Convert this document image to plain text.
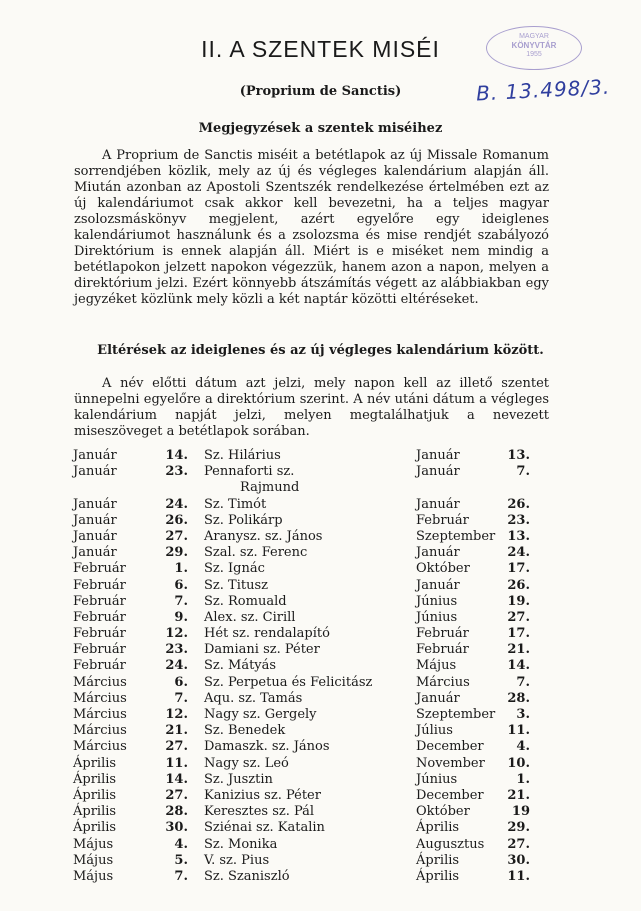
II. A SZENTEK MISÉI
(Proprium de Sanctis)
MAGYAR
KÖNYVTÁR
1955
B. 13.498/3.
Megjegyzések a szentek miséihez

A Proprium de Sanctis miséit a betétlapok az új Missale Romanum sorrendjében közlik, mely az új és végleges kalendárium alapján áll. Miután azonban az Apostoli Szentszék rendelkezése értelmében ezt az új kalendáriumot csak akkor kell bevezetni, ha a teljes magyar zsolozsmáskönyv megjelent, azért egyelőre egy ideiglenes kalendáriumot használunk és a zsolozsma és mise rendjét szabályozó Direktórium is ennek alapján áll. Miért is e miséket nem mindig a betétlapokon jelzett napokon végezzük, hanem azon a napon, melyen a direktórium jelzi. Ezért könnyebb átszámítás végett az alábbiakban egy jegyzéket közlünk mely közli a két naptár közötti eltéréseket.

Eltérések az ideiglenes és az új végleges kalendárium között.

A név előtti dátum azt jelzi, mely napon kell az illető szentet ünnepelni egyelőre a direktórium szerint. A név utáni dátum a végleges kalendárium napját jelzi, melyen megtalálhatjuk a nevezett miseszöveget a betétlapok sorában.

Január	14. Sz. Hilárius	Január	13.
Január	23. Pennaforti sz.	Január	7.
Rajmund
Január	24. Sz. Timót	Január	26.
Január	26. Sz. Polikárp	Február	23.
Január	27. Aranysz. sz. János	Szeptember 13.
Január	29. Szal. sz. Ferenc	Január	24.
Február	1. Sz. Ignác	Október	17.
Február	6. Sz. Titusz	Január	26.
Február	7. Sz. Romuald	Június	19.
Február	9. Alex. sz. Cirill	Június	27.
Február	12. Hét sz. rendalapító	Február	17.
Február	23. Damiani sz. Péter	Február	21.
Február	24. Sz. Mátyás	Május	14.
Március	6. Sz. Perpetua és Felicitász	Március	7.
Március	7. Aqu. sz. Tamás	Január	28.
Március	12. Nagy sz. Gergely	Szeptember	3.
Március	21. Sz. Benedek	Július	11.
Március	27. Damaszk. sz. János	December	4.
Április	11. Nagy sz. Leó	November	10.
Április	14. Sz. Jusztin	Június	1.
Április	27. Kanizius sz. Péter	December	21.
Április	28. Keresztes sz. Pál	Október	19
Április	30. Sziénai sz. Katalin	Április	29.
Május	4. Sz. Monika	Augusztus	27.
Május	5. V. sz. Pius	Április	30.
Május	7. Sz. Szaniszló	Április	11.
